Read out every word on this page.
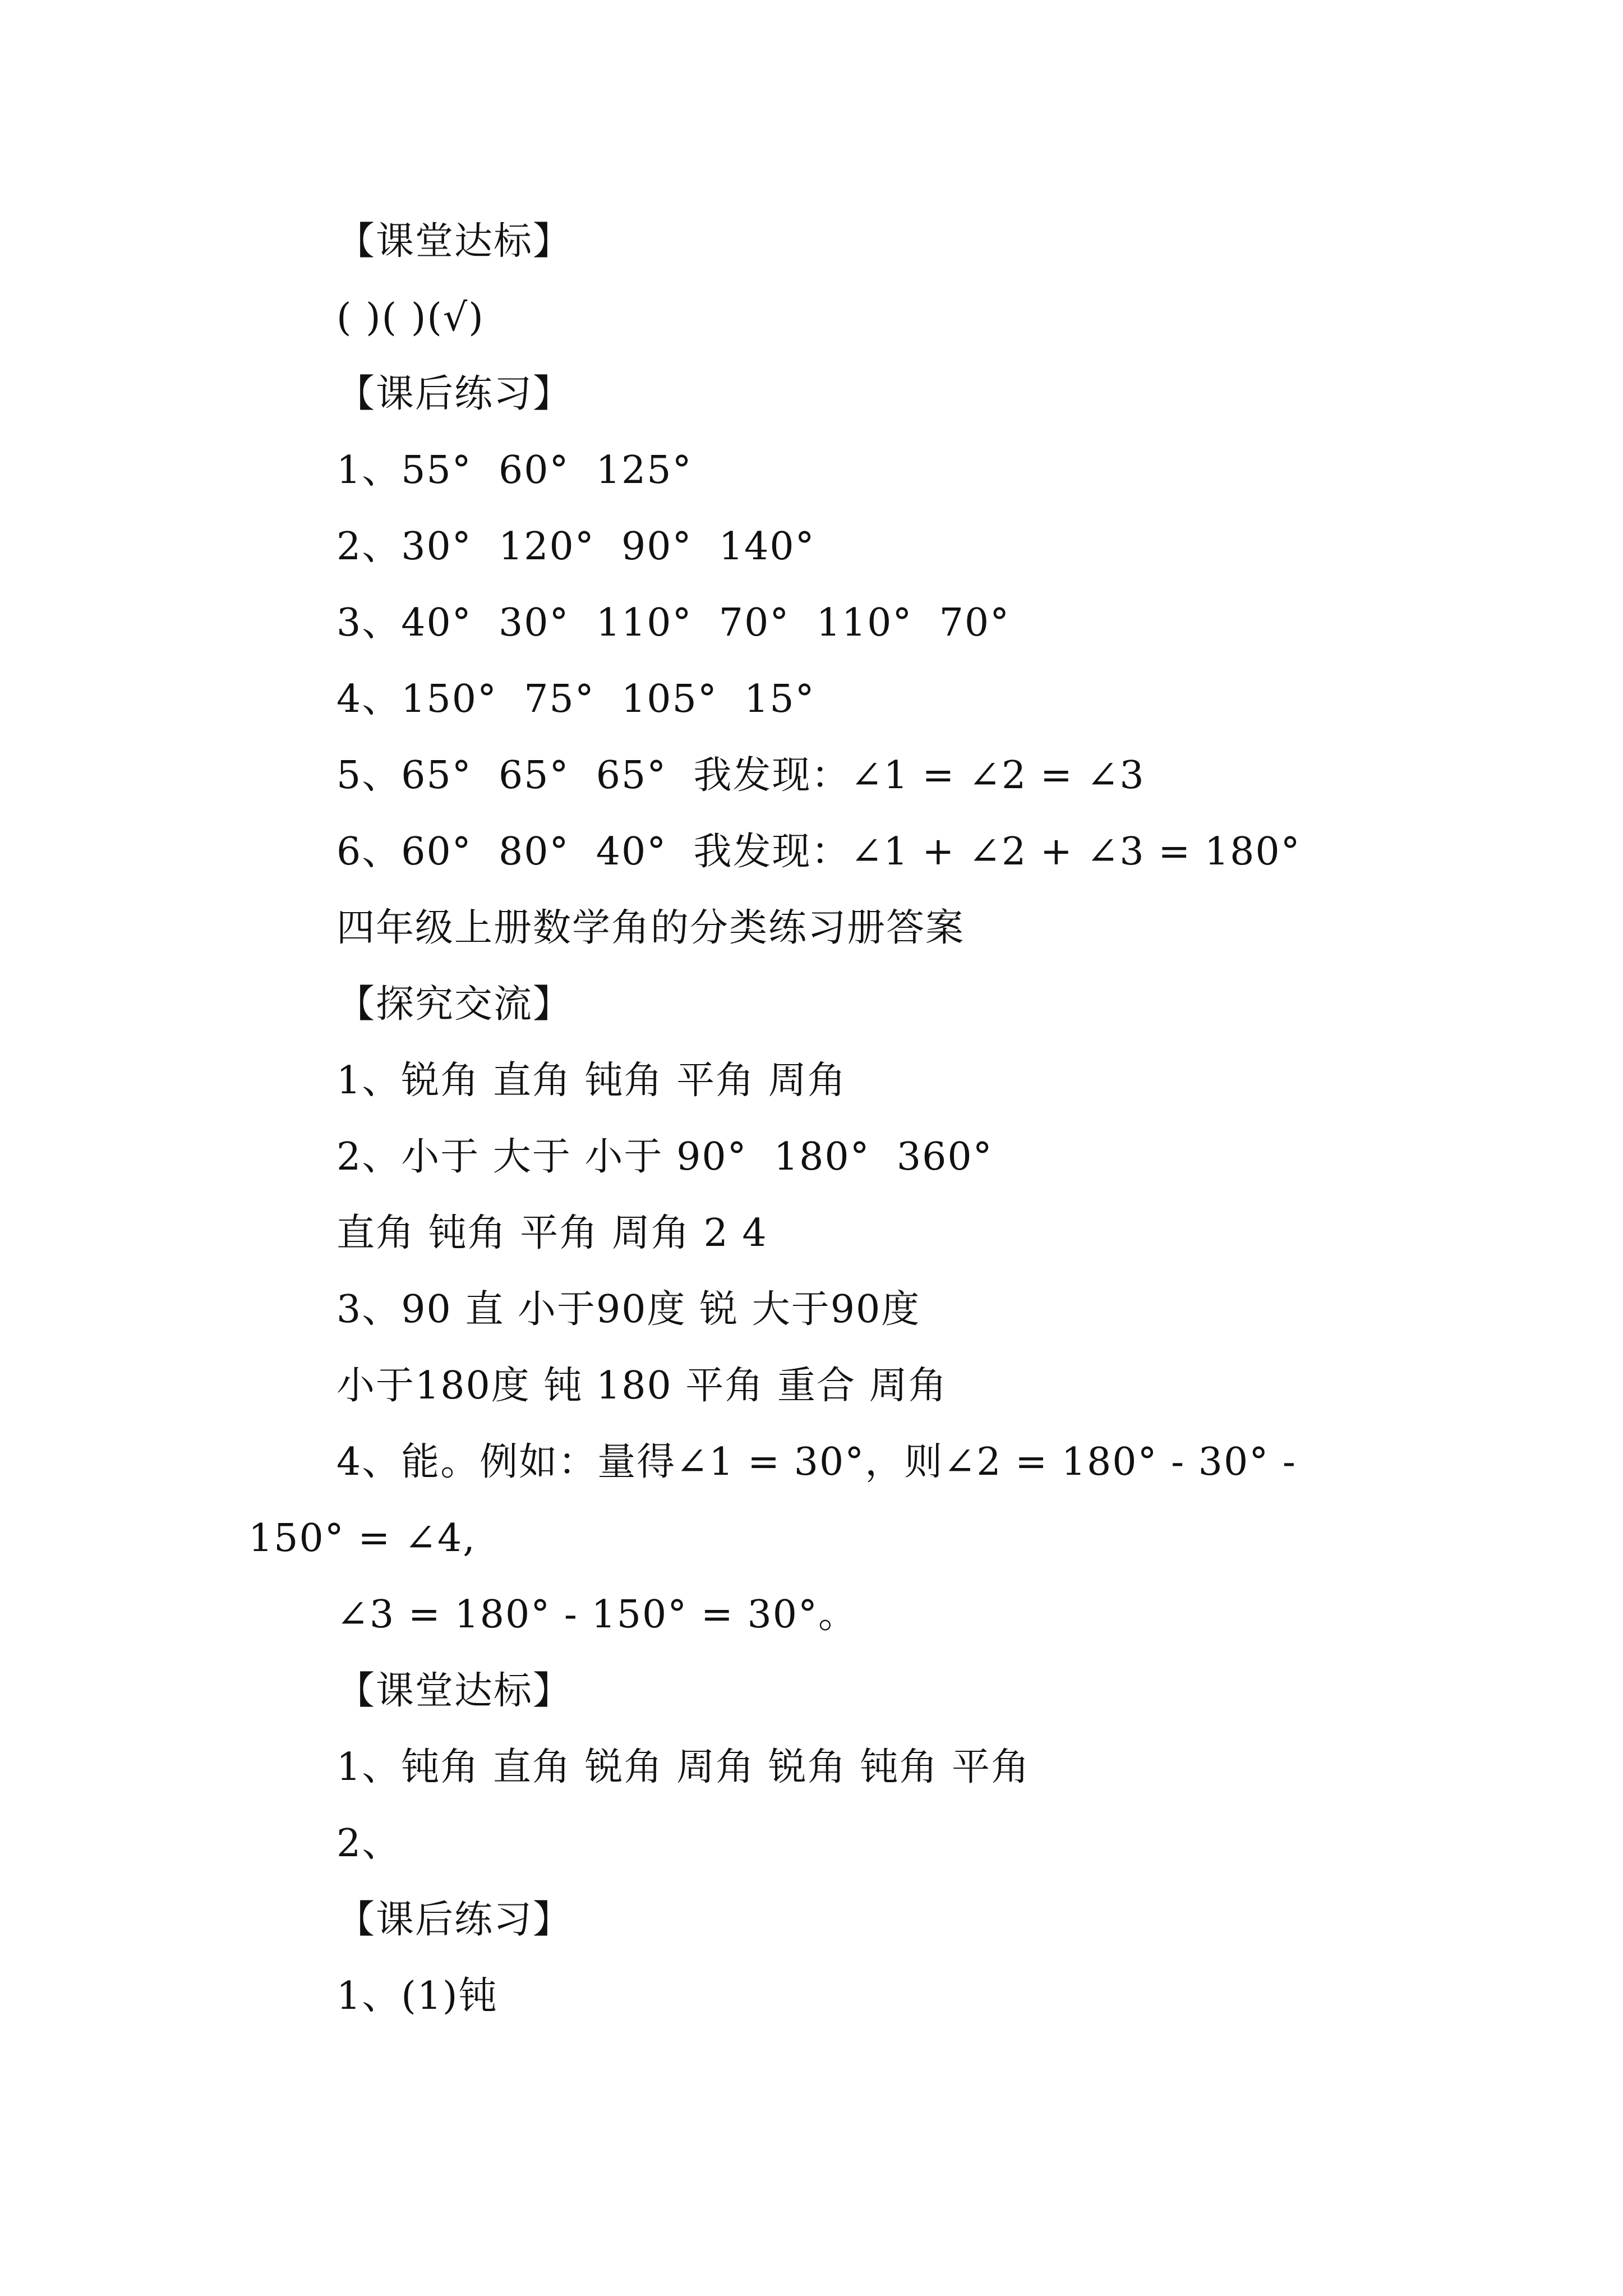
【课堂达标】
( )( )(√)
【课后练习】
1、55°  60°  125°
2、30°  120°  90°  140°
3、40°  30°  110°  70°  110°  70°
4、150°  75°  105°  15°
5、65°  65°  65°  我发现：∠1 = ∠2 = ∠3
6、60°  80°  40°  我发现：∠1 + ∠2 + ∠3 = 180°
四年级上册数学角的分类练习册答案
【探究交流】
1、锐角 直角 钝角 平角 周角
2、小于 大于 小于 90°  180°  360°
直角 钝角 平角 周角 2 4
3、90 直 小于90度 锐 大于90度
小于180度 钝 180 平角 重合 周角
4、能。例如：量得∠1 = 30°，则∠2 = 180° - 30° -
150° = ∠4,
∠3 = 180° - 150° = 30°。
【课堂达标】
1、钝角 直角 锐角 周角 锐角 钝角 平角
2、
【课后练习】
1、(1)钝
